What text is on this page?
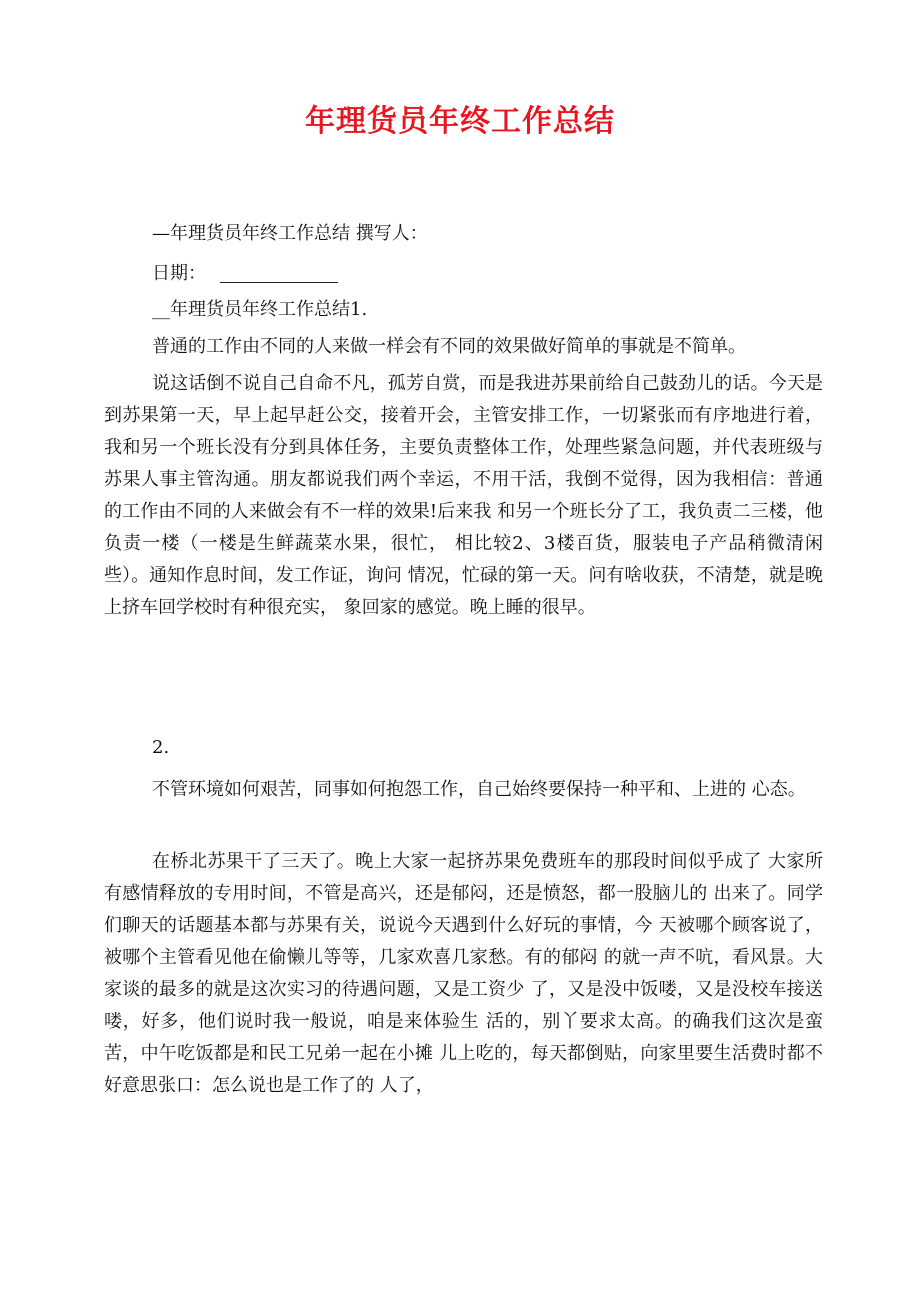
年理货员年终工作总结

—年理货员年终工作总结 撰写人：

日期：

__年理货员年终工作总结1.

普通的工作由不同的人来做一样会有不同的效果做好简单的事就是不简单。

说这话倒不说自己自命不凡，孤芳自赏，而是我进苏果前给自己鼓劲儿的话。今天是到苏果第一天，早上起早赶公交，接着开会，主管安排工作，一切紧张而有序地进行着，我和另一个班长没有分到具体任务，主要负责整体工作，处理些紧急问题，并代表班级与苏果人事主管沟通。朋友都说我们两个幸运，不用干活，我倒不觉得，因为我相信：普通的工作由不同的人来做会有不一样的效果!后来我 和另一个班长分了工，我负责二三楼，他负责一楼（一楼是生鲜蔬菜水果，很忙， 相比较2、3楼百货，服装电子产品稍微清闲些）。通知作息时间，发工作证，询问 情况，忙碌的第一天。问有啥收获，不清楚，就是晚上挤车回学校时有种很充实， 象回家的感觉。晚上睡的很早。

2.

不管环境如何艰苦，同事如何抱怨工作，自己始终要保持一种平和、上进的 心态。

在桥北苏果干了三天了。晚上大家一起挤苏果免费班车的那段时间似乎成了 大家所有感情释放的专用时间，不管是高兴，还是郁闷，还是愤怒，都一股脑儿的 出来了。同学们聊天的话题基本都与苏果有关，说说今天遇到什么好玩的事情，今 天被哪个顾客说了，被哪个主管看见他在偷懒儿等等，几家欢喜几家愁。有的郁闷 的就一声不吭，看风景。大家谈的最多的就是这次实习的待遇问题，又是工资少 了，又是没中饭喽，又是没校车接送喽，好多，他们说时我一般说，咱是来体验生 活的，别丫要求太高。的确我们这次是蛮苦，中午吃饭都是和民工兄弟一起在小摊 儿上吃的，每天都倒贴，向家里要生活费时都不好意思张口：怎么说也是工作了的 人了，
